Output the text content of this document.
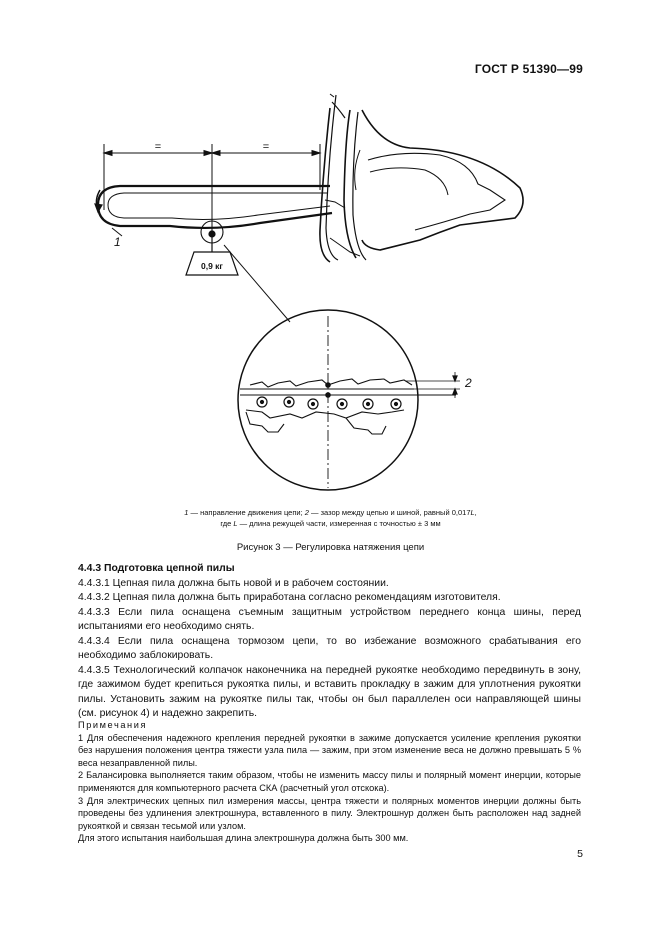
ГОСТ Р 51390—99
=	=
1
0,9 кг
2
1 — направление движения цепи; 2 — зазор между цепью и шиной, равный 0,017L,
где L — длина режущей части, измеренная с точностью ± 3 мм
Рисунок 3 — Регулировка натяжения цепи

4.4.3 Подготовка цепной пилы

4.4.3.1 Цепная пила должна быть новой и в рабочем состоянии.

4.4.3.2 Цепная пила должна быть приработана согласно рекомендациям изготовителя.

4.4.3.3 Если пила оснащена съемным защитным устройством переднего конца шины, перед испытаниями его необходимо снять.

4.4.3.4 Если пила оснащена тормозом цепи, то во избежание возможного срабатывания его необходимо заблокировать.

4.4.3.5 Технологический колпачок наконечника на передней рукоятке необходимо передвинуть в зону, где зажимом будет крепиться рукоятка пилы, и вставить прокладку в зажим для уплотнения рукоятки пилы. Установить зажим на рукоятке пилы так, чтобы он был параллелен оси направляющей шины (см. рисунок 4) и надежно закрепить.

Примечания

1 Для обеспечения надежного крепления передней рукоятки в зажиме допускается усиление крепления рукоятки без нарушения положения центра тяжести узла пила — зажим, при этом изменение веса не должно превышать 5 % веса незаправленной пилы.

2 Балансировка выполняется таким образом, чтобы не изменить массу пилы и полярный момент инерции, которые применяются для компьютерного расчета СКА (расчетный угол отскока).

3 Для электрических цепных пил измерения массы, центра тяжести и полярных моментов инерции должны быть проведены без удлинения электрошнура, вставленного в пилу. Электрошнур должен быть расположен над задней рукояткой и связан тесьмой или узлом.

Для этого испытания наибольшая длина электрошнура должна быть 300 мм.

5
